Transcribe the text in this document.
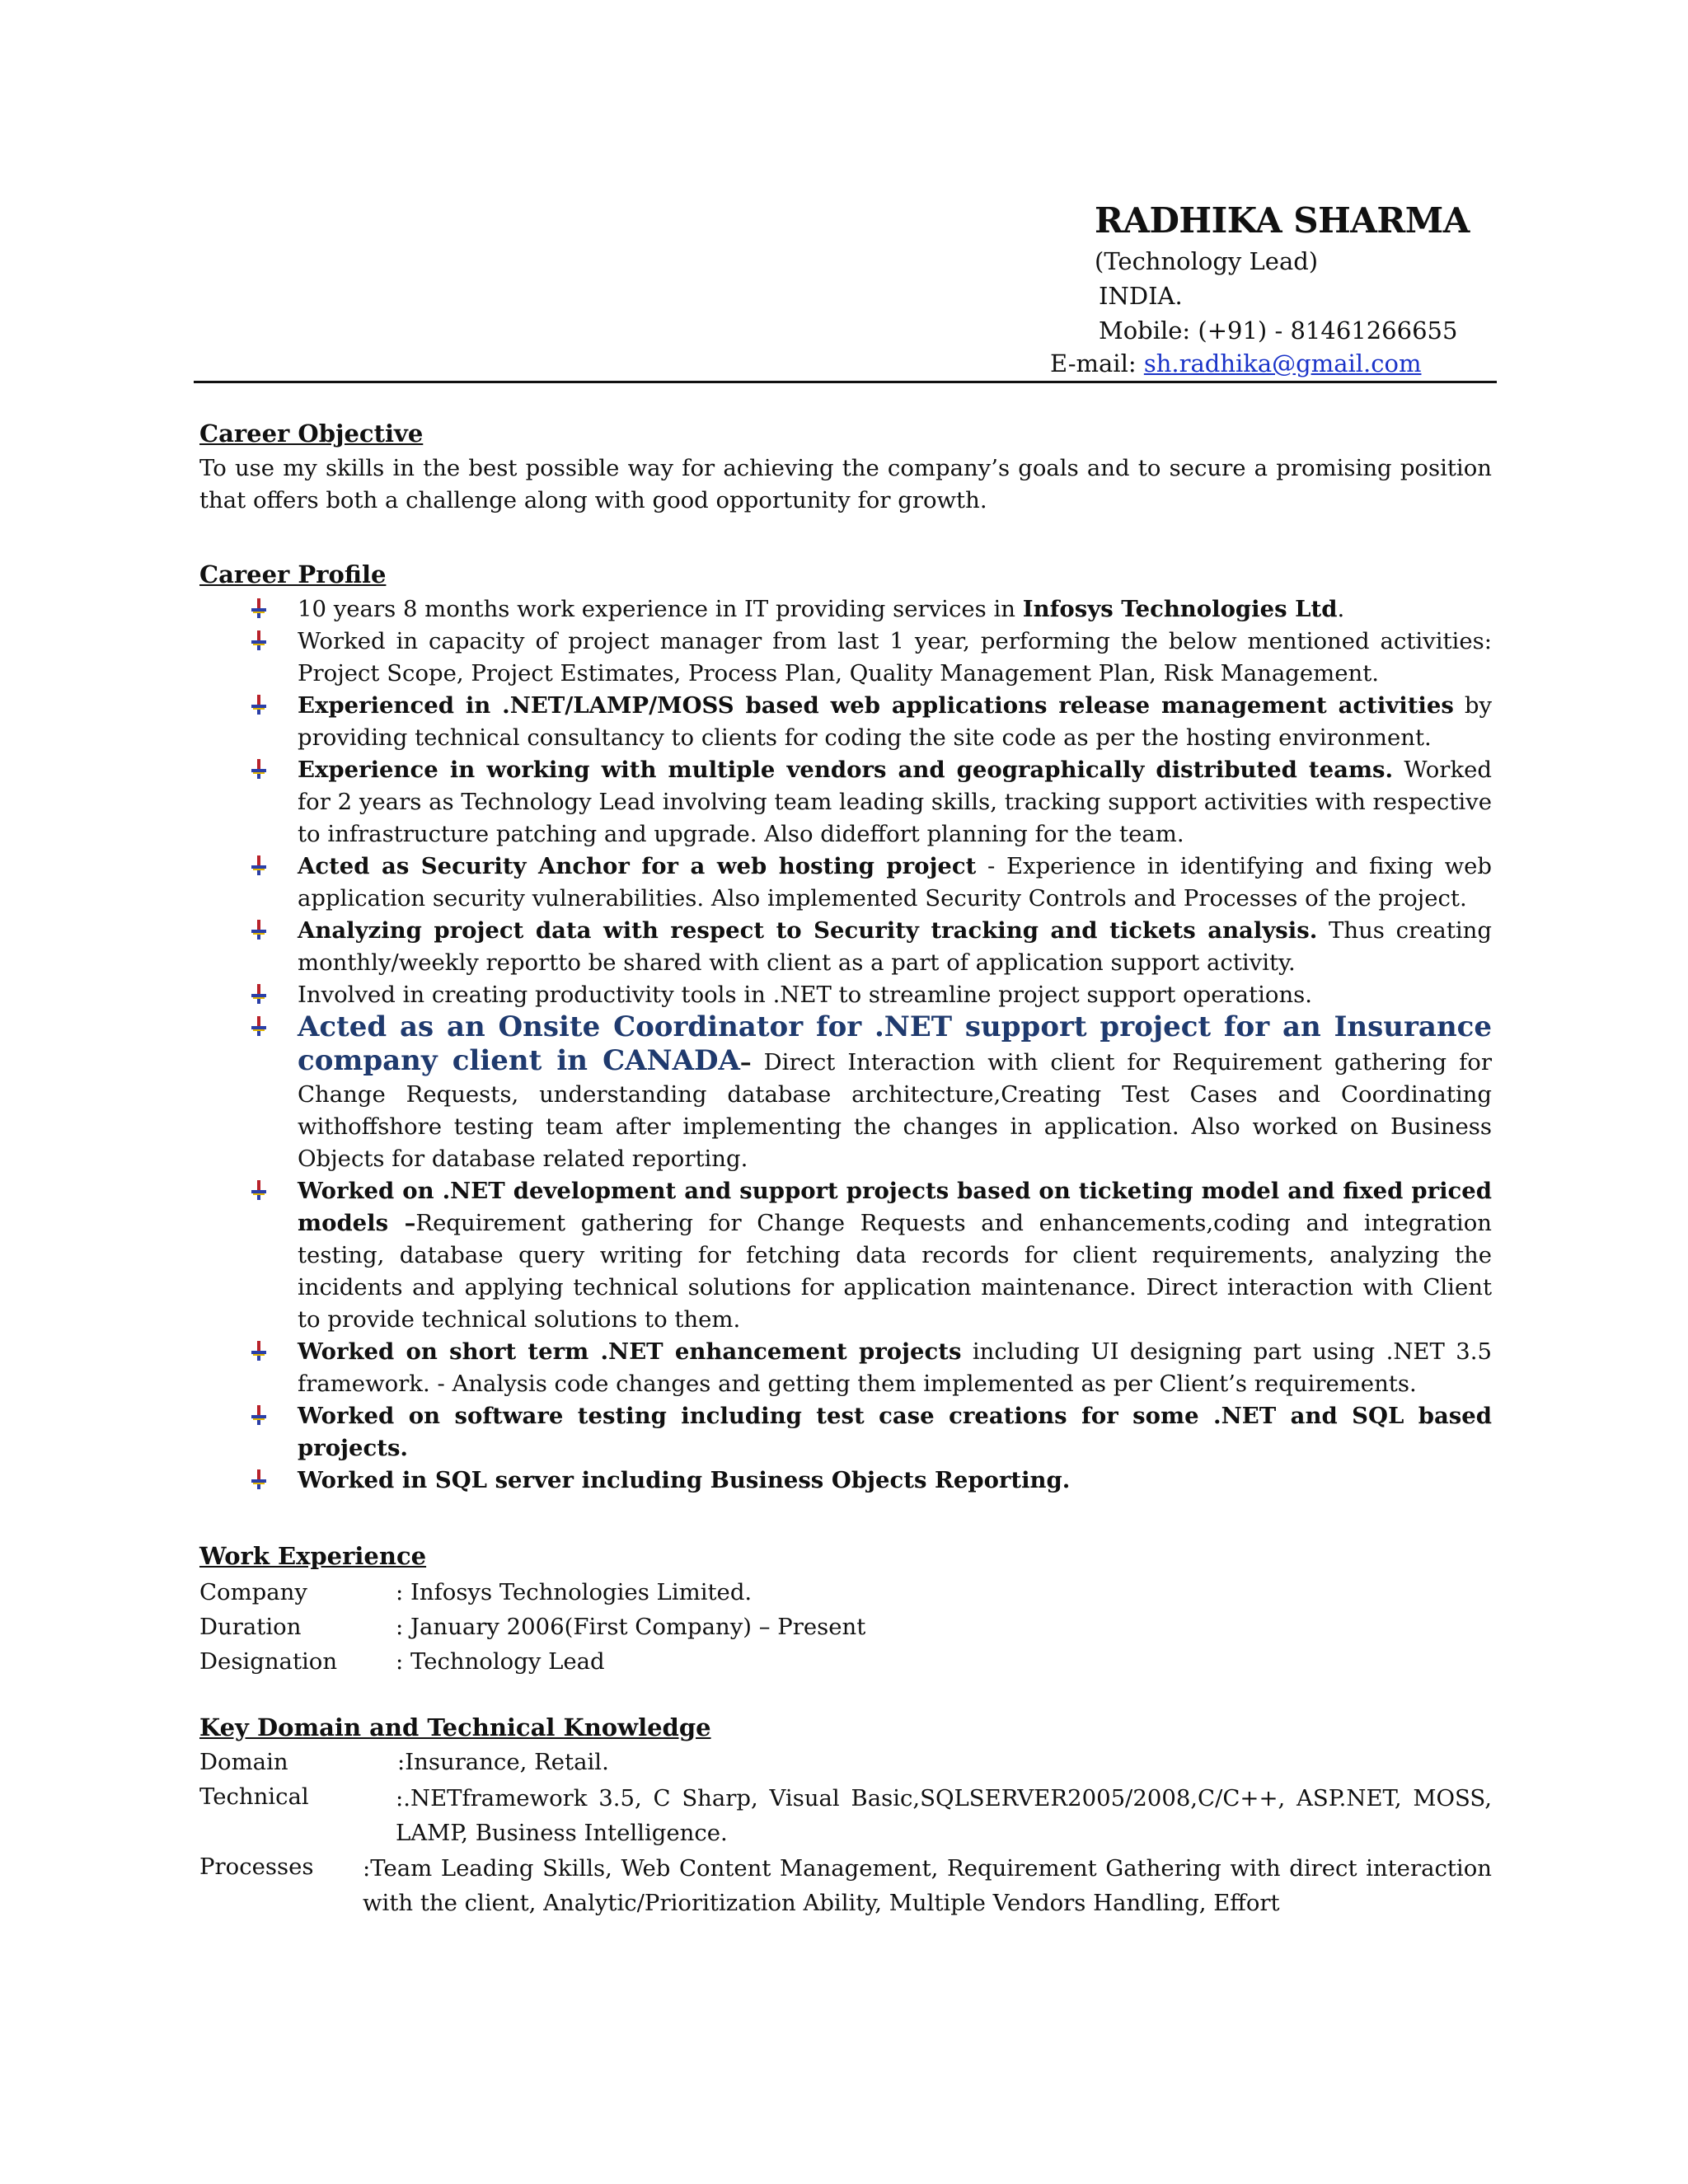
RADHIKA SHARMA
(Technology Lead)
INDIA.
Mobile: (+91) - 81461266655
E-mail: sh.radhika@gmail.com
Career Objective
To use my skills in the best possible way for achieving the company’s goals and to secure a promising position that offers both a challenge along with good opportunity for growth.
Career Profile
10 years 8 months work experience in IT providing services in Infosys Technologies Ltd.
Worked in capacity of project manager from last 1 year, performing the below mentioned activities: Project Scope, Project Estimates, Process Plan, Quality Management Plan, Risk Management.
Experienced in .NET/LAMP/MOSS based web applications release management activities by providing technical consultancy to clients for coding the site code as per the hosting environment.
Experience in working with multiple vendors and geographically distributed teams. Worked for 2 years as Technology Lead involving team leading skills, tracking support activities with respective to infrastructure patching and upgrade. Also dideffort planning for the team.
Acted as Security Anchor for a web hosting project - Experience in identifying and fixing web application security vulnerabilities. Also implemented Security Controls and Processes of the project.
Analyzing project data with respect to Security tracking and tickets analysis. Thus creating monthly/weekly reportto be shared with client as a part of application support activity.
Involved in creating productivity tools in .NET to streamline project support operations.
Acted as an Onsite Coordinator for .NET support project for an Insurance company client in CANADA– Direct Interaction with client for Requirement gathering for Change Requests, understanding database architecture,Creating Test Cases and Coordinating withoffshore testing team after implementing the changes in application. Also worked on Business Objects for database related reporting.
Worked on .NET development and support projects based on ticketing model and fixed priced models –Requirement gathering for Change Requests and enhancements,coding and integration testing, database query writing for fetching data records for client requirements, analyzing the incidents and applying technical solutions for application maintenance. Direct interaction with Client to provide technical solutions to them.
Worked on short term .NET enhancement projects including UI designing part using .NET 3.5 framework. - Analysis code changes and getting them implemented as per Client’s requirements.
Worked on software testing including test case creations for some .NET and SQL based projects.
Worked in SQL server including Business Objects Reporting.
Work Experience
Company	: Infosys Technologies Limited.
Duration	: January 2006(First Company) – Present
Designation	: Technology Lead
Key Domain and Technical Knowledge
Domain	:Insurance, Retail.
Technical	:.NETframework 3.5, C Sharp, Visual Basic,SQLSERVER2005/2008,C/C++, ASP.NET, MOSS, LAMP, Business Intelligence.
Processes :Team Leading Skills, Web Content Management, Requirement Gathering with direct interaction with the client, Analytic/Prioritization Ability, Multiple Vendors Handling, Effort
